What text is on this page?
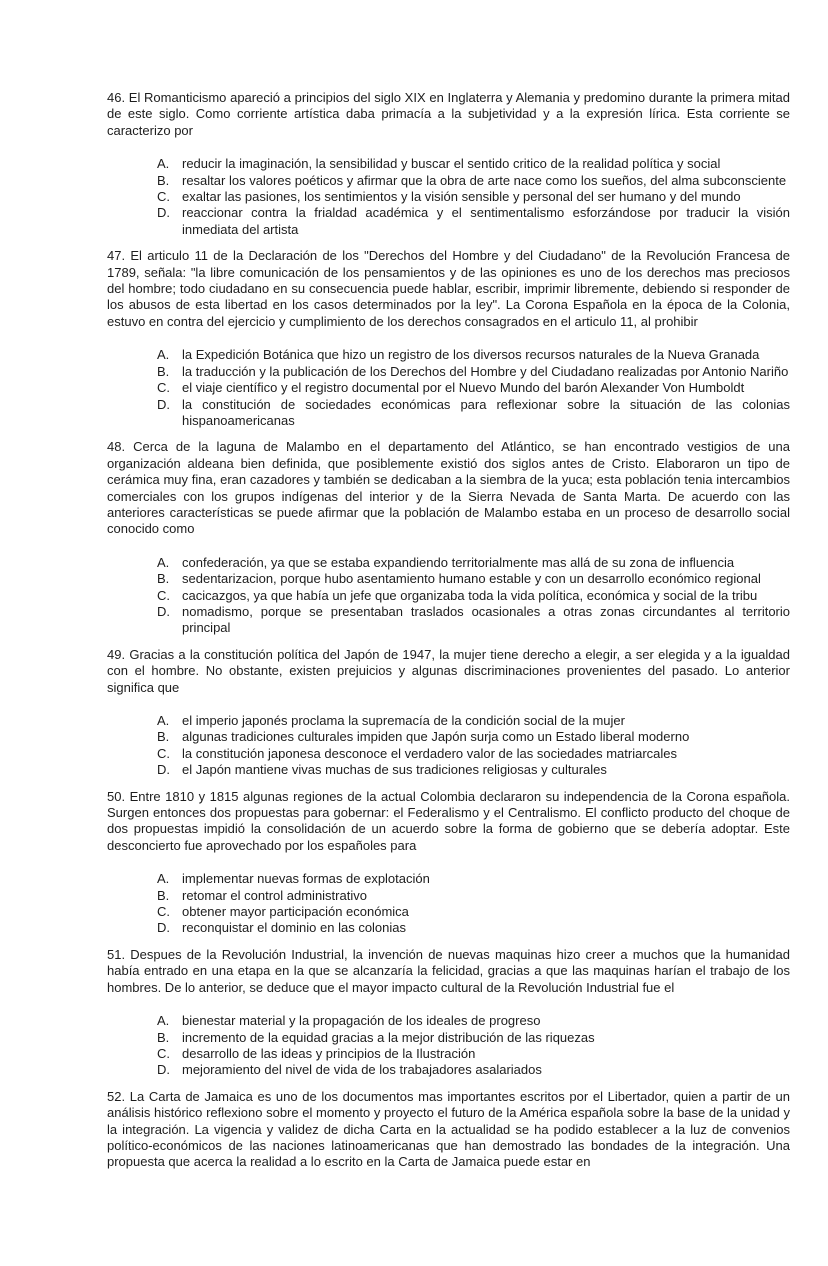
46. El Romanticismo apareció a principios del siglo XIX en Inglaterra y Alemania y predomino durante la primera mitad de este siglo. Como corriente artística daba primacía a la subjetividad y a la expresión lírica. Esta corriente se caracterizo por

A. reducir la imaginación, la sensibilidad y buscar el sentido critico de la realidad política y social
B. resaltar los valores poéticos y afirmar que la obra de arte nace como los sueños, del alma subconsciente
C. exaltar las pasiones, los sentimientos y la visión sensible y personal del ser humano y del mundo
D. reaccionar contra la frialdad académica y el sentimentalismo esforzándose por traducir la visión inmediata del artista

47. El articulo 11 de la Declaración de los "Derechos del Hombre y del Ciudadano" de la Revolución Francesa de 1789, señala: "la libre comunicación de los pensamientos y de las opiniones es uno de los derechos mas preciosos del hombre; todo ciudadano en su consecuencia puede hablar, escribir, imprimir libremente, debiendo si responder de los abusos de esta libertad en los casos determinados por la ley". La Corona Española en la época de la Colonia, estuvo en contra del ejercicio y cumplimiento de los derechos consagrados en el articulo 11, al prohibir

A. la Expedición Botánica que hizo un registro de los diversos recursos naturales de la Nueva Granada
B. la traducción y la publicación de los Derechos del Hombre y del Ciudadano realizadas por Antonio Nariño
C. el viaje científico y el registro documental por el Nuevo Mundo del barón Alexander Von Humboldt
D. la constitución de sociedades económicas para reflexionar sobre la situación de las colonias hispanoamericanas

48. Cerca de la laguna de Malambo en el departamento del Atlántico, se han encontrado vestigios de una organización aldeana bien definida, que posiblemente existió dos siglos antes de Cristo. Elaboraron un tipo de cerámica muy fina, eran cazadores y también se dedicaban a la siembra de la yuca; esta población tenia intercambios comerciales con los grupos indígenas del interior y de la Sierra Nevada de Santa Marta. De acuerdo con las anteriores características se puede afirmar que la población de Malambo estaba en un proceso de desarrollo social conocido como

A. confederación, ya que se estaba expandiendo territorialmente mas allá de su zona de influencia
B. sedentarizacion, porque hubo asentamiento humano estable y con un desarrollo económico regional
C. cacicazgos, ya que había un jefe que organizaba toda la vida política, económica y social de la tribu
D. nomadismo, porque se presentaban traslados ocasionales a otras zonas circundantes al territorio principal

49. Gracias a la constitución política del Japón de 1947, la mujer tiene derecho a elegir, a ser elegida y a la igualdad con el hombre. No obstante, existen prejuicios y algunas discriminaciones provenientes del pasado. Lo anterior significa que

A. el imperio japonés proclama la supremacía de la condición social de la mujer
B. algunas tradiciones culturales impiden que Japón surja como un Estado liberal moderno
C. la constitución japonesa desconoce el verdadero valor de las sociedades matriarcales
D. el Japón mantiene vivas muchas de sus tradiciones religiosas y culturales

50. Entre 1810 y 1815 algunas regiones de la actual Colombia declararon su independencia de la Corona española. Surgen entonces dos propuestas para gobernar: el Federalismo y el Centralismo. El conflicto producto del choque de dos propuestas impidió la consolidación de un acuerdo sobre la forma de gobierno que se debería adoptar. Este desconcierto fue aprovechado por los españoles para

A. implementar nuevas formas de explotación
B. retomar el control administrativo
C. obtener mayor participación económica
D. reconquistar el dominio en las colonias

51. Despues de la Revolución Industrial, la invención de nuevas maquinas hizo creer a muchos que la humanidad había entrado en una etapa en la que se alcanzaría la felicidad, gracias a que las maquinas harían el trabajo de los hombres. De lo anterior, se deduce que el mayor impacto cultural de la Revolución Industrial fue el

A. bienestar material y la propagación de los ideales de progreso
B. incremento de la equidad gracias a la mejor distribución de las riquezas
C. desarrollo de las ideas y principios de la Ilustración
D. mejoramiento del nivel de vida de los trabajadores asalariados

52. La Carta de Jamaica es uno de los documentos mas importantes escritos por el Libertador, quien a partir de un análisis histórico reflexiono sobre el momento y proyecto el futuro de la América española sobre la base de la unidad y la integración. La vigencia y validez de dicha Carta en la actualidad se ha podido establecer a la luz de convenios político-económicos de las naciones latinoamericanas que han demostrado las bondades de la integración. Una propuesta que acerca la realidad a lo escrito en la Carta de Jamaica puede estar en
